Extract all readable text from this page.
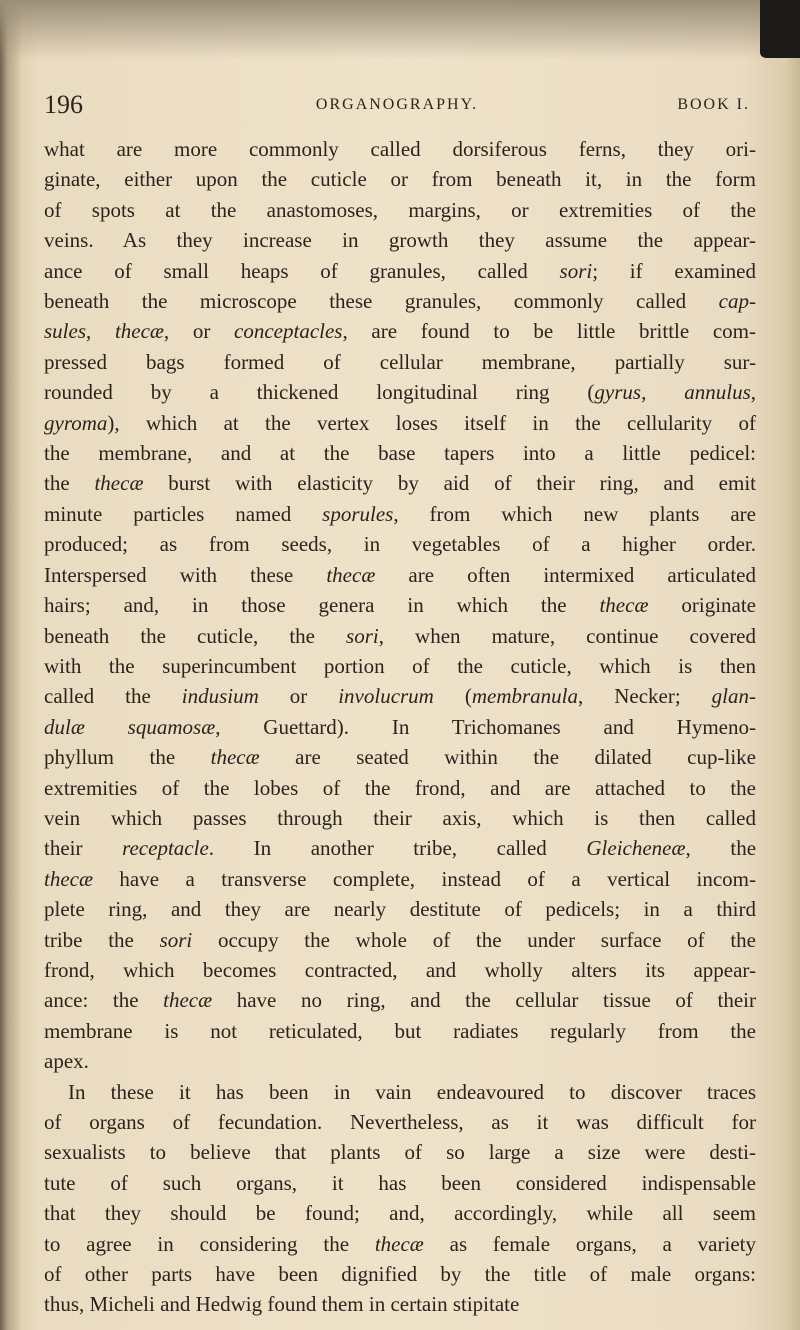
196	ORGANOGRAPHY.	BOOK I.
what are more commonly called dorsiferous ferns, they ori-
ginate, either upon the cuticle or from beneath it, in the form
of spots at the anastomoses, margins, or extremities of the
veins. As they increase in growth they assume the appear-
ance of small heaps of granules, called sori; if examined
beneath the microscope these granules, commonly called cap-
sules, thecæ, or conceptacles, are found to be little brittle com-
pressed bags formed of cellular membrane, partially sur-
rounded by a thickened longitudinal ring (gyrus, annulus,
gyroma), which at the vertex loses itself in the cellularity of
the membrane, and at the base tapers into a little pedicel:
the thecæ burst with elasticity by aid of their ring, and emit
minute particles named sporules, from which new plants are
produced; as from seeds, in vegetables of a higher order.
Interspersed with these thecæ are often intermixed articulated
hairs; and, in those genera in which the thecæ originate
beneath the cuticle, the sori, when mature, continue covered
with the superincumbent portion of the cuticle, which is then
called the indusium or involucrum (membranula, Necker; glan-
dulæ squamosæ, Guettard). In Trichomanes and Hymeno-
phyllum the thecæ are seated within the dilated cup-like
extremities of the lobes of the frond, and are attached to the
vein which passes through their axis, which is then called
their receptacle. In another tribe, called Gleicheneæ, the
thecæ have a transverse complete, instead of a vertical incom-
plete ring, and they are nearly destitute of pedicels; in a third
tribe the sori occupy the whole of the under surface of the
frond, which becomes contracted, and wholly alters its appear-
ance: the thecæ have no ring, and the cellular tissue of their
membrane is not reticulated, but radiates regularly from the
apex.
In these it has been in vain endeavoured to discover traces
of organs of fecundation. Nevertheless, as it was difficult for
sexualists to believe that plants of so large a size were desti-
tute of such organs, it has been considered indispensable
that they should be found; and, accordingly, while all seem
to agree in considering the thecæ as female organs, a variety
of other parts have been dignified by the title of male organs:
thus, Micheli and Hedwig found them in certain stipitate
